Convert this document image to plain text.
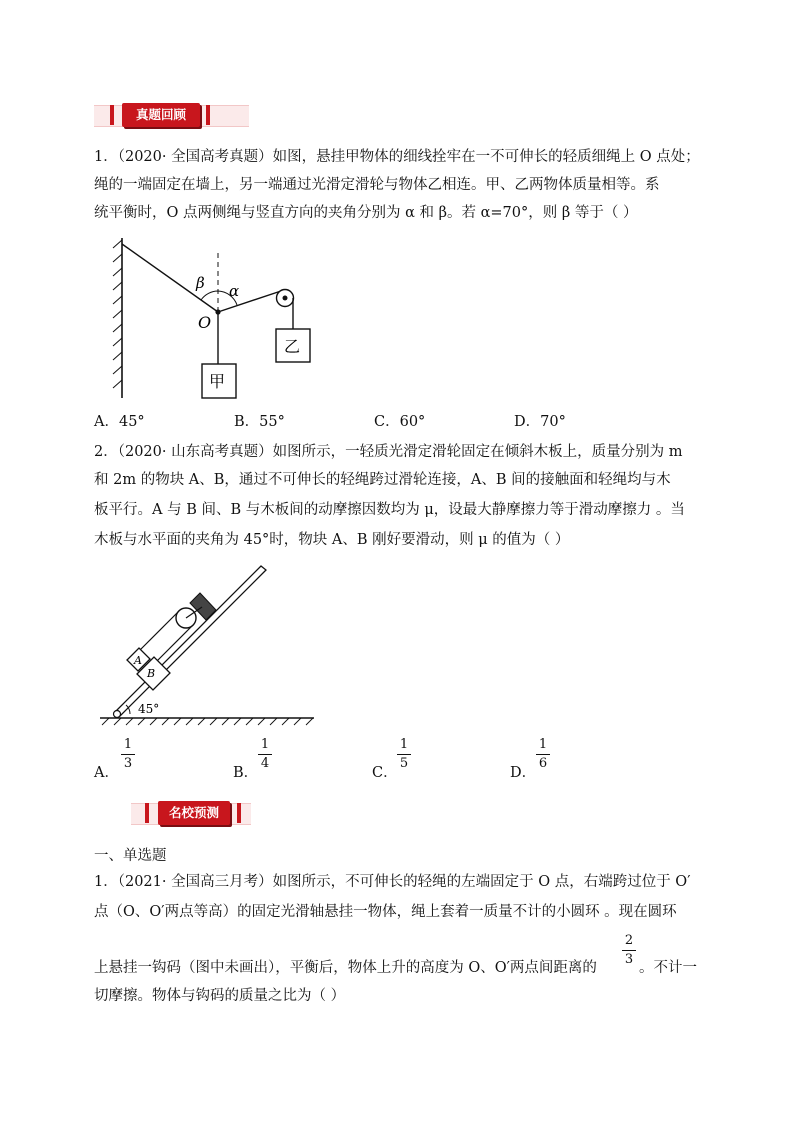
真题回顾
1．（2020· 全国高考真题）如图，悬挂甲物体的细线拴牢在一不可伸长的轻质细绳上 O 点处；
绳的一端固定在墙上，另一端通过光滑定滑轮与物体乙相连。甲、乙两物体质量相等。系
统平衡时，O 点两侧绳与竖直方向的夹角分别为 α 和 β。若 α=70°，则 β 等于（ ）
β α
O
甲
乙
A．45°	B．55°	C．60°	D．70°
2．（2020· 山东高考真题）如图所示，一轻质光滑定滑轮固定在倾斜木板上，质量分别为 m
和 2m 的物块 A、B，通过不可伸长的轻绳跨过滑轮连接，A、B 间的接触面和轻绳均与木
板平行。A 与 B 间、B 与木板间的动摩擦因数均为 μ，设最大静摩擦力等于滑动摩擦力 。当
木板与水平面的夹角为 45°时，物块 A、B 刚好要滑动，则 μ 的值为（ ）
A
B
45°
A．
1
3
B．
1
4
C．
1
5
D．
1
6
名校预测
一、单选题
1．（2021· 全国高三月考）如图所示，不可伸长的轻绳的左端固定于 O 点，右端跨过位于 O′
点（O、O′两点等高）的固定光滑轴悬挂一物体，绳上套着一质量不计的小圆环 。现在圆环
上悬挂一钩码（图中未画出），平衡后，物体上升的高度为 O、O′两点间距离的
2
3
。不计一
切摩擦。物体与钩码的质量之比为（ ）
